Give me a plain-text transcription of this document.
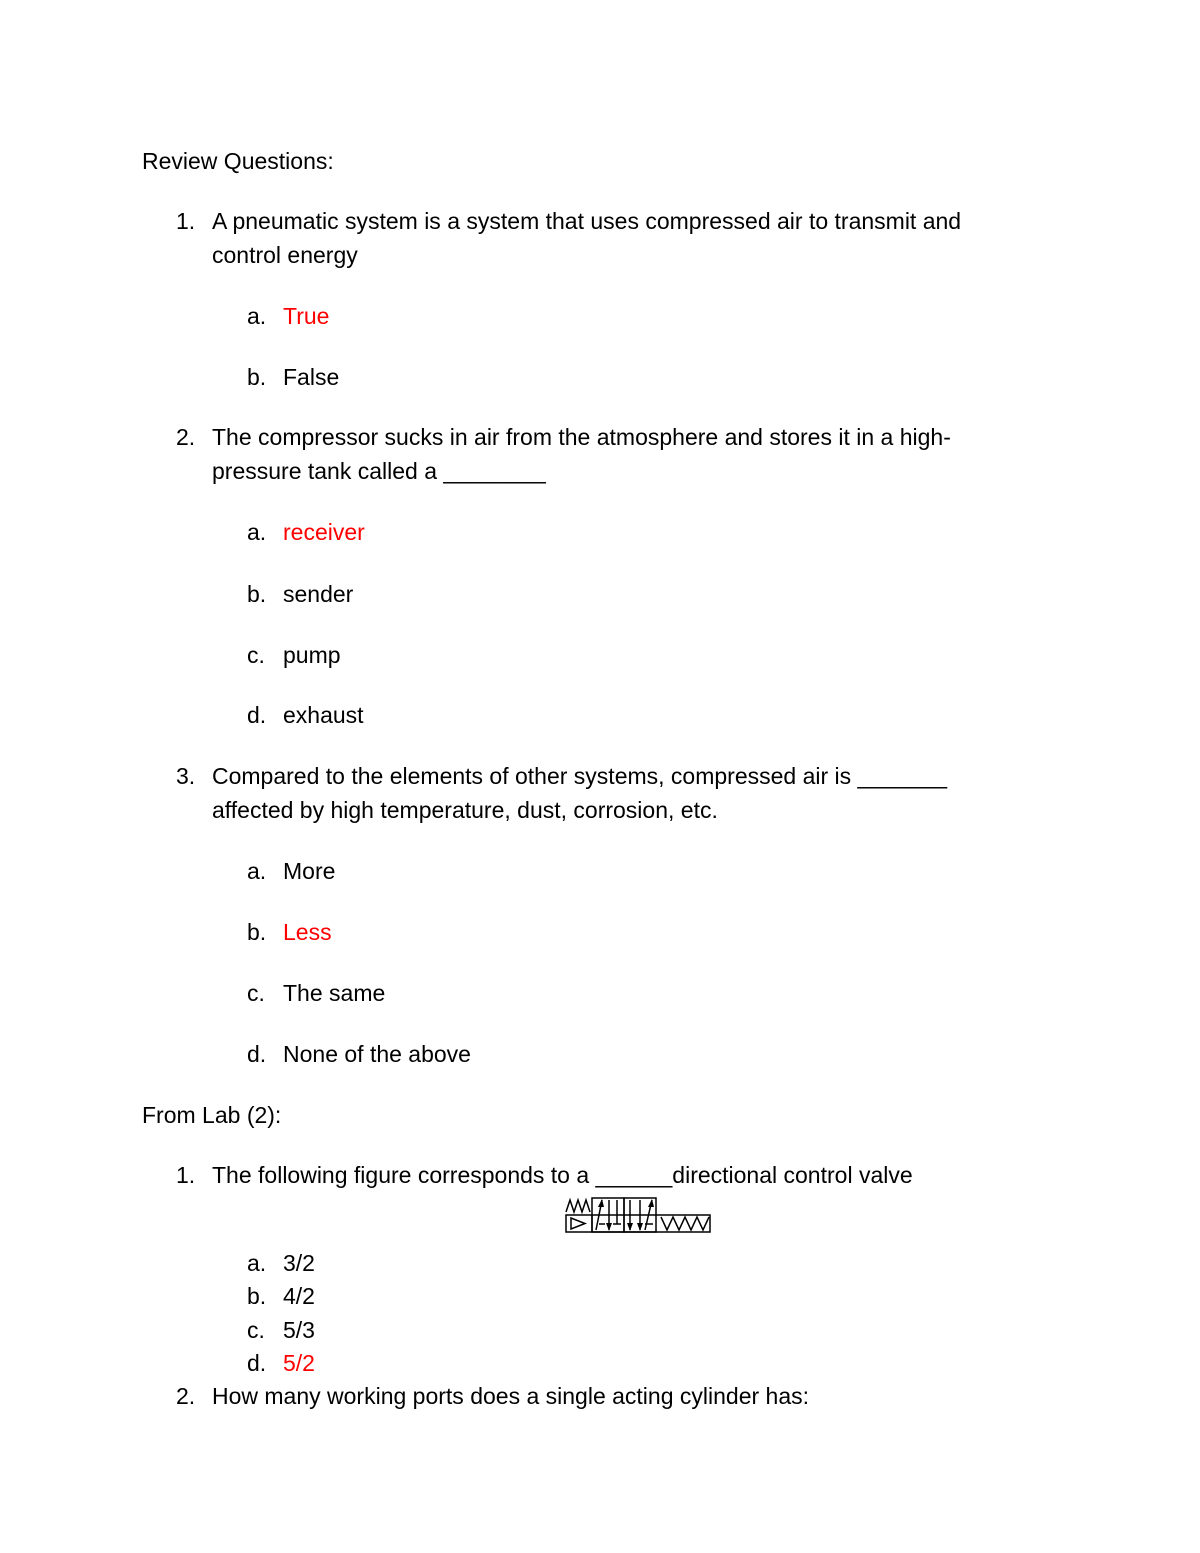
Review Questions:
1. A pneumatic system is a system that uses compressed air to transmit and
control energy
a. True
b. False
2. The compressor sucks in air from the atmosphere and stores it in a high-
pressure tank called a ________
a. receiver
b. sender
c. pump
d. exhaust
3. Compared to the elements of other systems, compressed air is _______
affected by high temperature, dust, corrosion, etc.
a. More
b. Less
c. The same
d. None of the above
From Lab (2):
1. The following figure corresponds to a ______directional control valve
a. 3/2
b. 4/2
c. 5/3
d. 5/2
2. How many working ports does a single acting cylinder has:
